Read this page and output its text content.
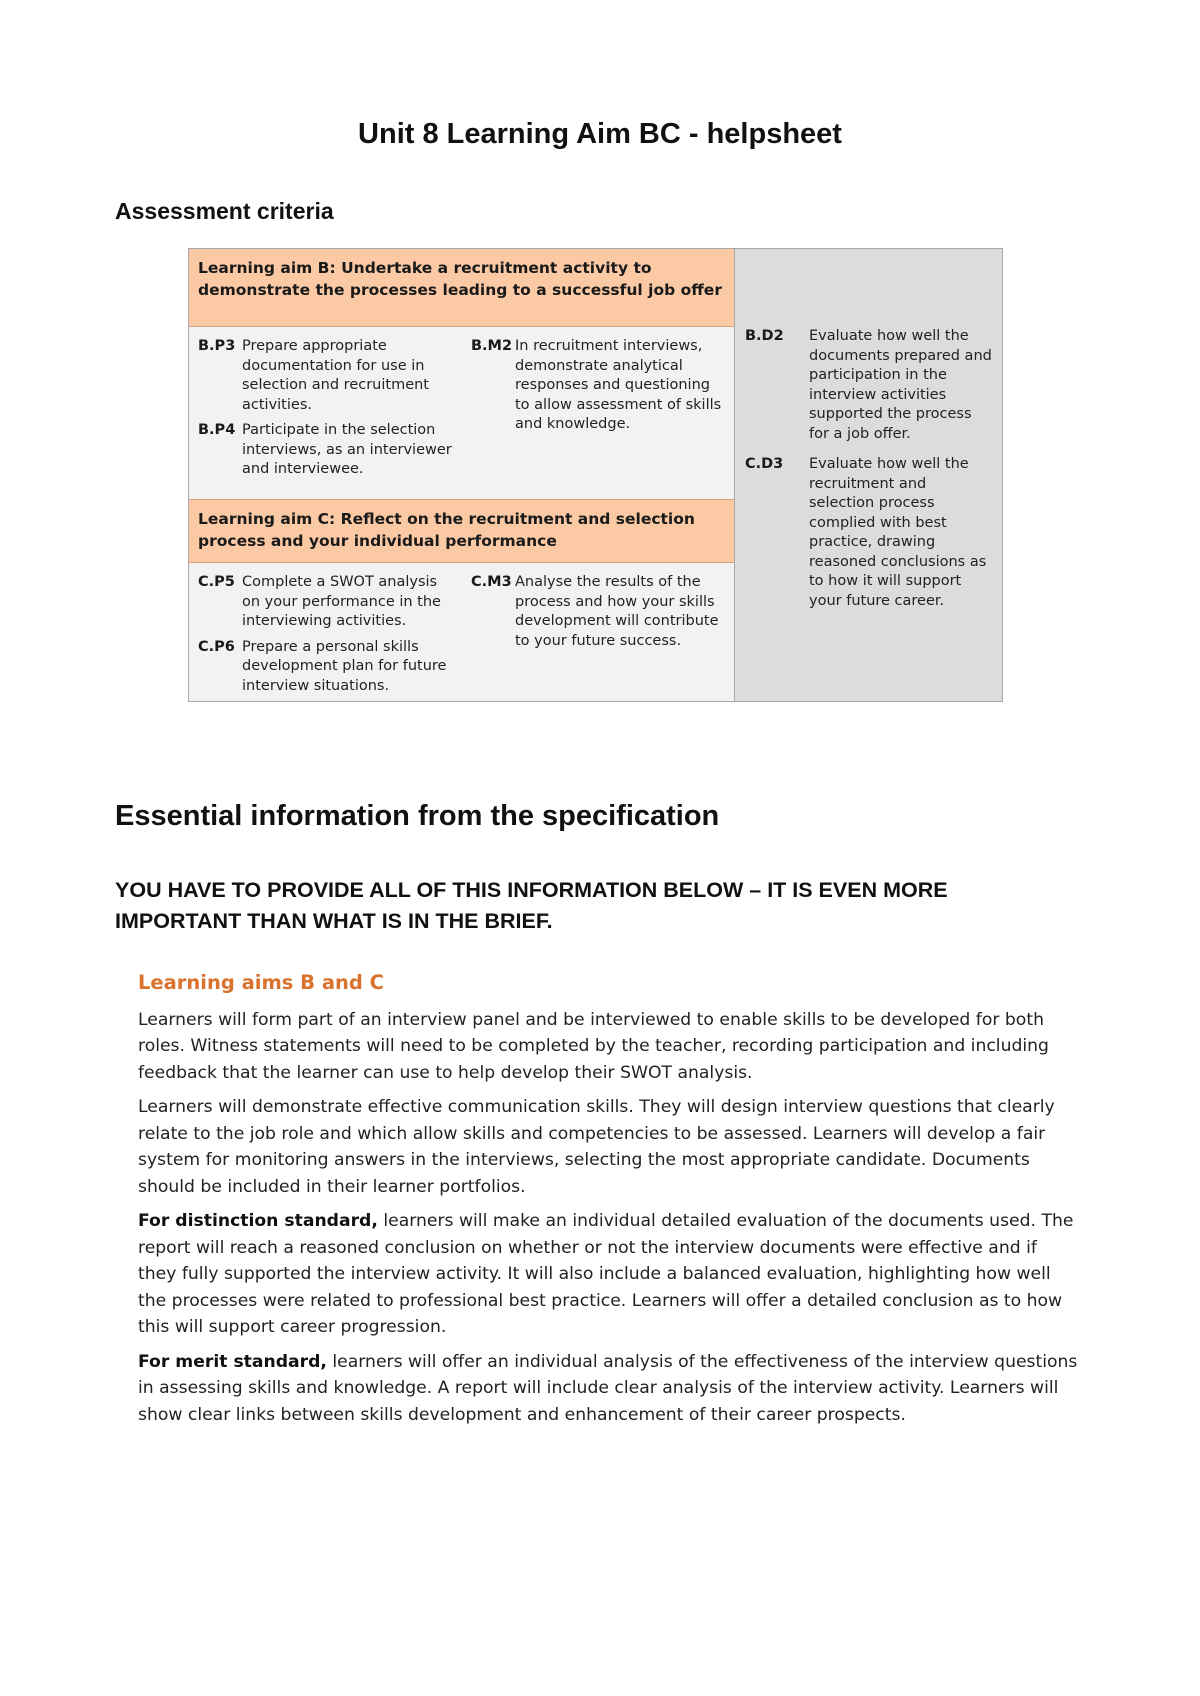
Unit 8 Learning Aim BC - helpsheet
Assessment criteria
Learning aim B: Undertake a recruitment activity to demonstrate the processes leading to a successful job offer
B.P3 Prepare appropriate documentation for use in selection and recruitment activities.
B.P4 Participate in the selection interviews, as an interviewer and interviewee.
B.M2 In recruitment interviews, demonstrate analytical responses and questioning to allow assessment of skills and knowledge.
Learning aim C: Reflect on the recruitment and selection process and your individual performance
C.P5 Complete a SWOT analysis on your performance in the interviewing activities.
C.P6 Prepare a personal skills development plan for future interview situations.
C.M3 Analyse the results of the process and how your skills development will contribute to your future success.
B.D2	Evaluate how well the documents prepared and participation in the interview activities supported the process for a job offer.
C.D3	Evaluate how well the recruitment and selection process complied with best practice, drawing reasoned conclusions as to how it will support your future career.
Essential information from the specification
YOU HAVE TO PROVIDE ALL OF THIS INFORMATION BELOW – IT IS EVEN MORE IMPORTANT THAN WHAT IS IN THE BRIEF.
Learning aims B and C

Learners will form part of an interview panel and be interviewed to enable skills to be developed for both roles. Witness statements will need to be completed by the teacher, recording participation and including feedback that the learner can use to help develop their SWOT analysis.

Learners will demonstrate effective communication skills. They will design interview questions that clearly relate to the job role and which allow skills and competencies to be assessed. Learners will develop a fair system for monitoring answers in the interviews, selecting the most appropriate candidate. Documents should be included in their learner portfolios.

For distinction standard, learners will make an individual detailed evaluation of the documents used. The report will reach a reasoned conclusion on whether or not the interview documents were effective and if they fully supported the interview activity. It will also include a balanced evaluation, highlighting how well the processes were related to professional best practice. Learners will offer a detailed conclusion as to how this will support career progression.

For merit standard, learners will offer an individual analysis of the effectiveness of the interview questions in assessing skills and knowledge. A report will include clear analysis of the interview activity. Learners will show clear links between skills development and enhancement of their career prospects.
